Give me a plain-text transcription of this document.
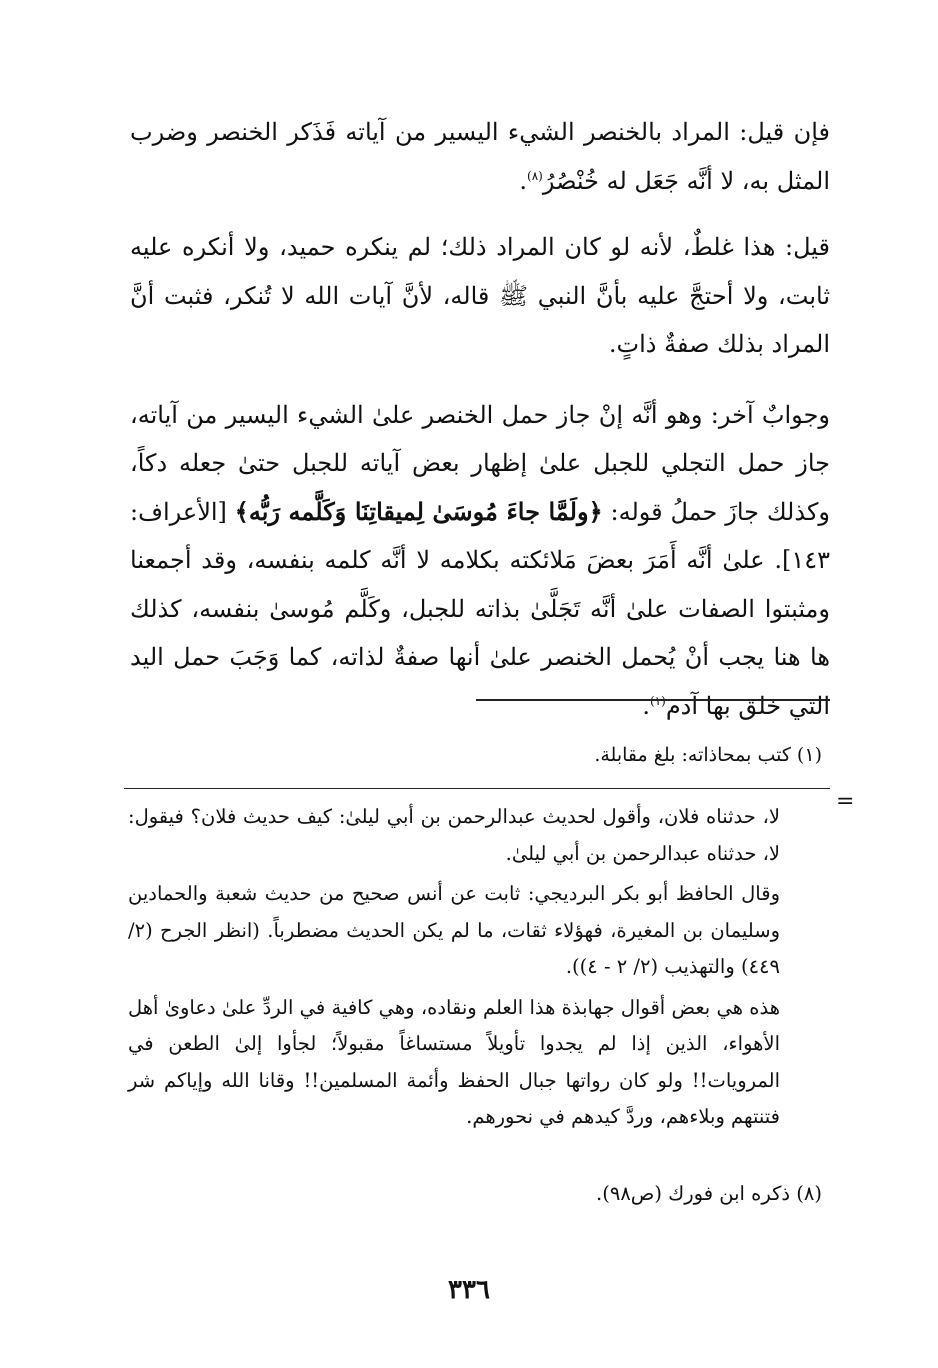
فإن قيل: المراد بالخنصر الشيء اليسير من آياته فَذَكر الخنصر وضرب المثل به، لا أنَّه جَعَل له خُنْصُرُ$^{(٨)}$.

قيل: هذا غلطٌ، لأنه لو كان المراد ذلك؛ لم ينكره حميد، ولا أنكره عليه ثابت، ولا أحتجَّ عليه بأنَّ النبي ﷺ قاله، لأنَّ آيات الله لا تُنكر، فثبت أنَّ المراد بذلك صفةٌ ذاتٍ.

وجوابٌ آخر: وهو أنَّه إنْ جاز حمل الخنصر علىٰ الشيء اليسير من آياته، جاز حمل التجلي للجبل علىٰ إظهار بعض آياته للجبل حتىٰ جعله دكاً، وكذلك جازَ حملُ قوله: ﴿ولَمَّا جاءَ مُوسَىٰ لِميقاتِنَا وَكَلَّمه رَبُّه﴾ [الأعراف: ١٤٣]. علىٰ أنَّه أَمَرَ بعضَ مَلائكته بكلامه لا أنَّه كلمه بنفسه، وقد أجمعنا ومثبتوا الصفات علىٰ أنَّه تَجَلَّىٰ بذاته للجبل، وكَلَّم مُوسىٰ بنفسه، كذلك ها هنا يجب أنْ يُحمل الخنصر علىٰ أنها صفةٌ لذاته، كما وَجَبَ حمل اليد التي خلق بها آدم$^{(١)}$.

(١) كتب بمحاذاته: بلغ مقابلة.
=

لا، حدثناه فلان، وأقول لحديث عبدالرحمن بن أبي ليلىٰ: كيف حديث فلان؟ فيقول: لا، حدثناه عبدالرحمن بن أبي ليلىٰ.

وقال الحافظ أبو بكر البرديجي: ثابت عن أنس صحيح من حديث شعبة والحمادين وسليمان بن المغيرة، فهؤلاء ثقات، ما لم يكن الحديث مضطرباً. (انظر الجرح (٢/ ٤٤٩) والتهذيب (٢/ ٢ - ٤)).

هذه هي بعض أقوال جهابذة هذا العلم ونقاده، وهي كافية في الردِّ علىٰ دعاوىٰ أهل الأهواء، الذين إذا لم يجدوا تأويلاً مستساغاً مقبولاً؛ لجأوا إلىٰ الطعن في المرويات!! ولو كان رواتها جبال الحفظ وأئمة المسلمين!! وقانا الله وإياكم شر فتنتهم وبلاءهم، وردَّ كيدهم في نحورهم.

(٨) ذكره ابن فورك (ص٩٨).
٣٣٦
